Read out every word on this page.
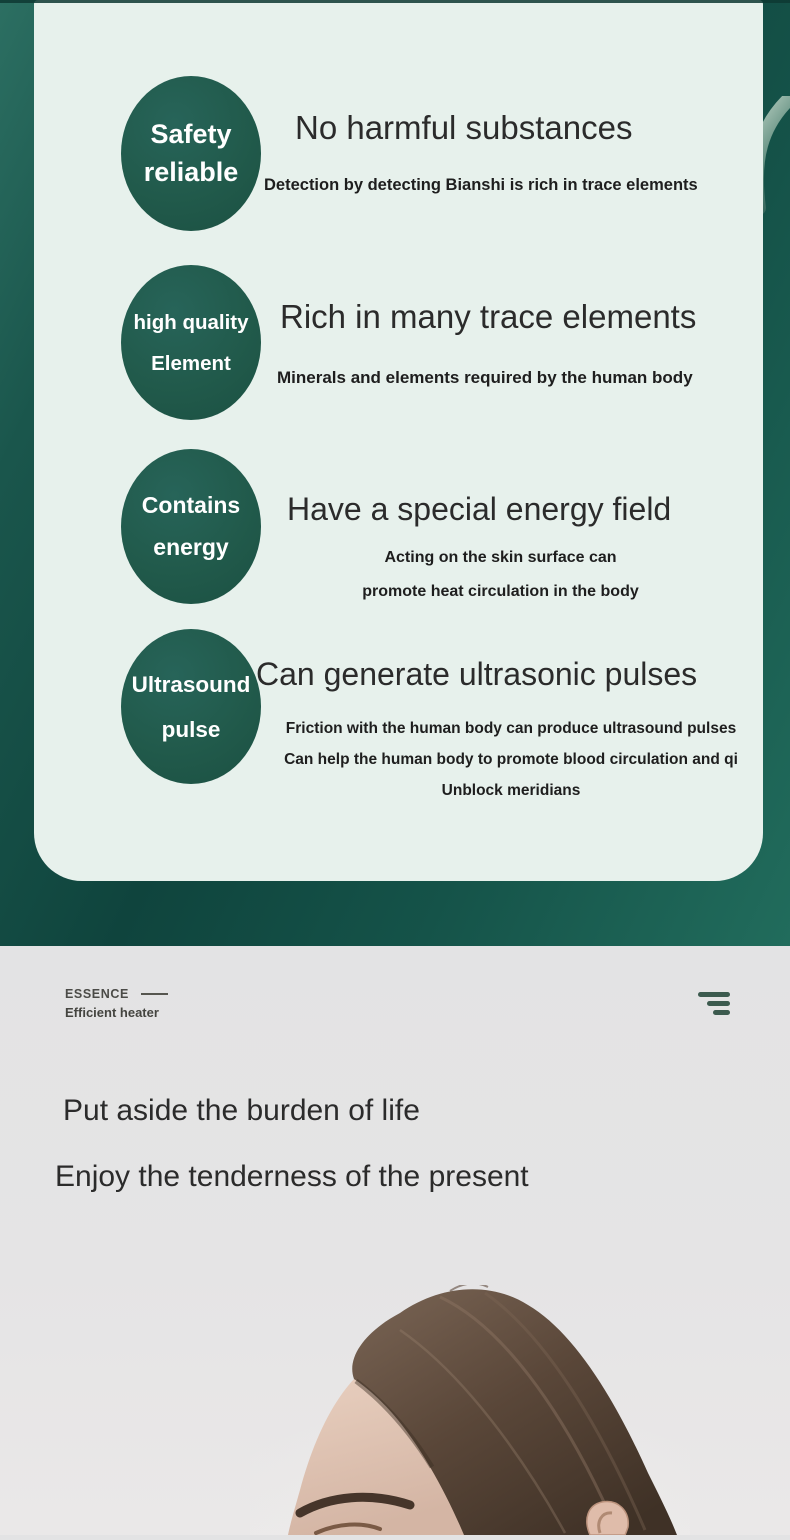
Safety
reliable
No harmful substances
Detection by detecting Bianshi is rich in trace elements
high quality
Element
Rich in many trace elements
Minerals and elements required by the human body
Contains
energy
Have a special energy field
Acting on the skin surface can
promote heat circulation in the body
Ultrasound
pulse
Can generate ultrasonic pulses
Friction with the human body can produce ultrasound pulses
Can help the human body to promote blood circulation and qi
Unblock meridians
ESSENCE
Efficient heater
Put aside the burden of life
Enjoy the tenderness of the present
